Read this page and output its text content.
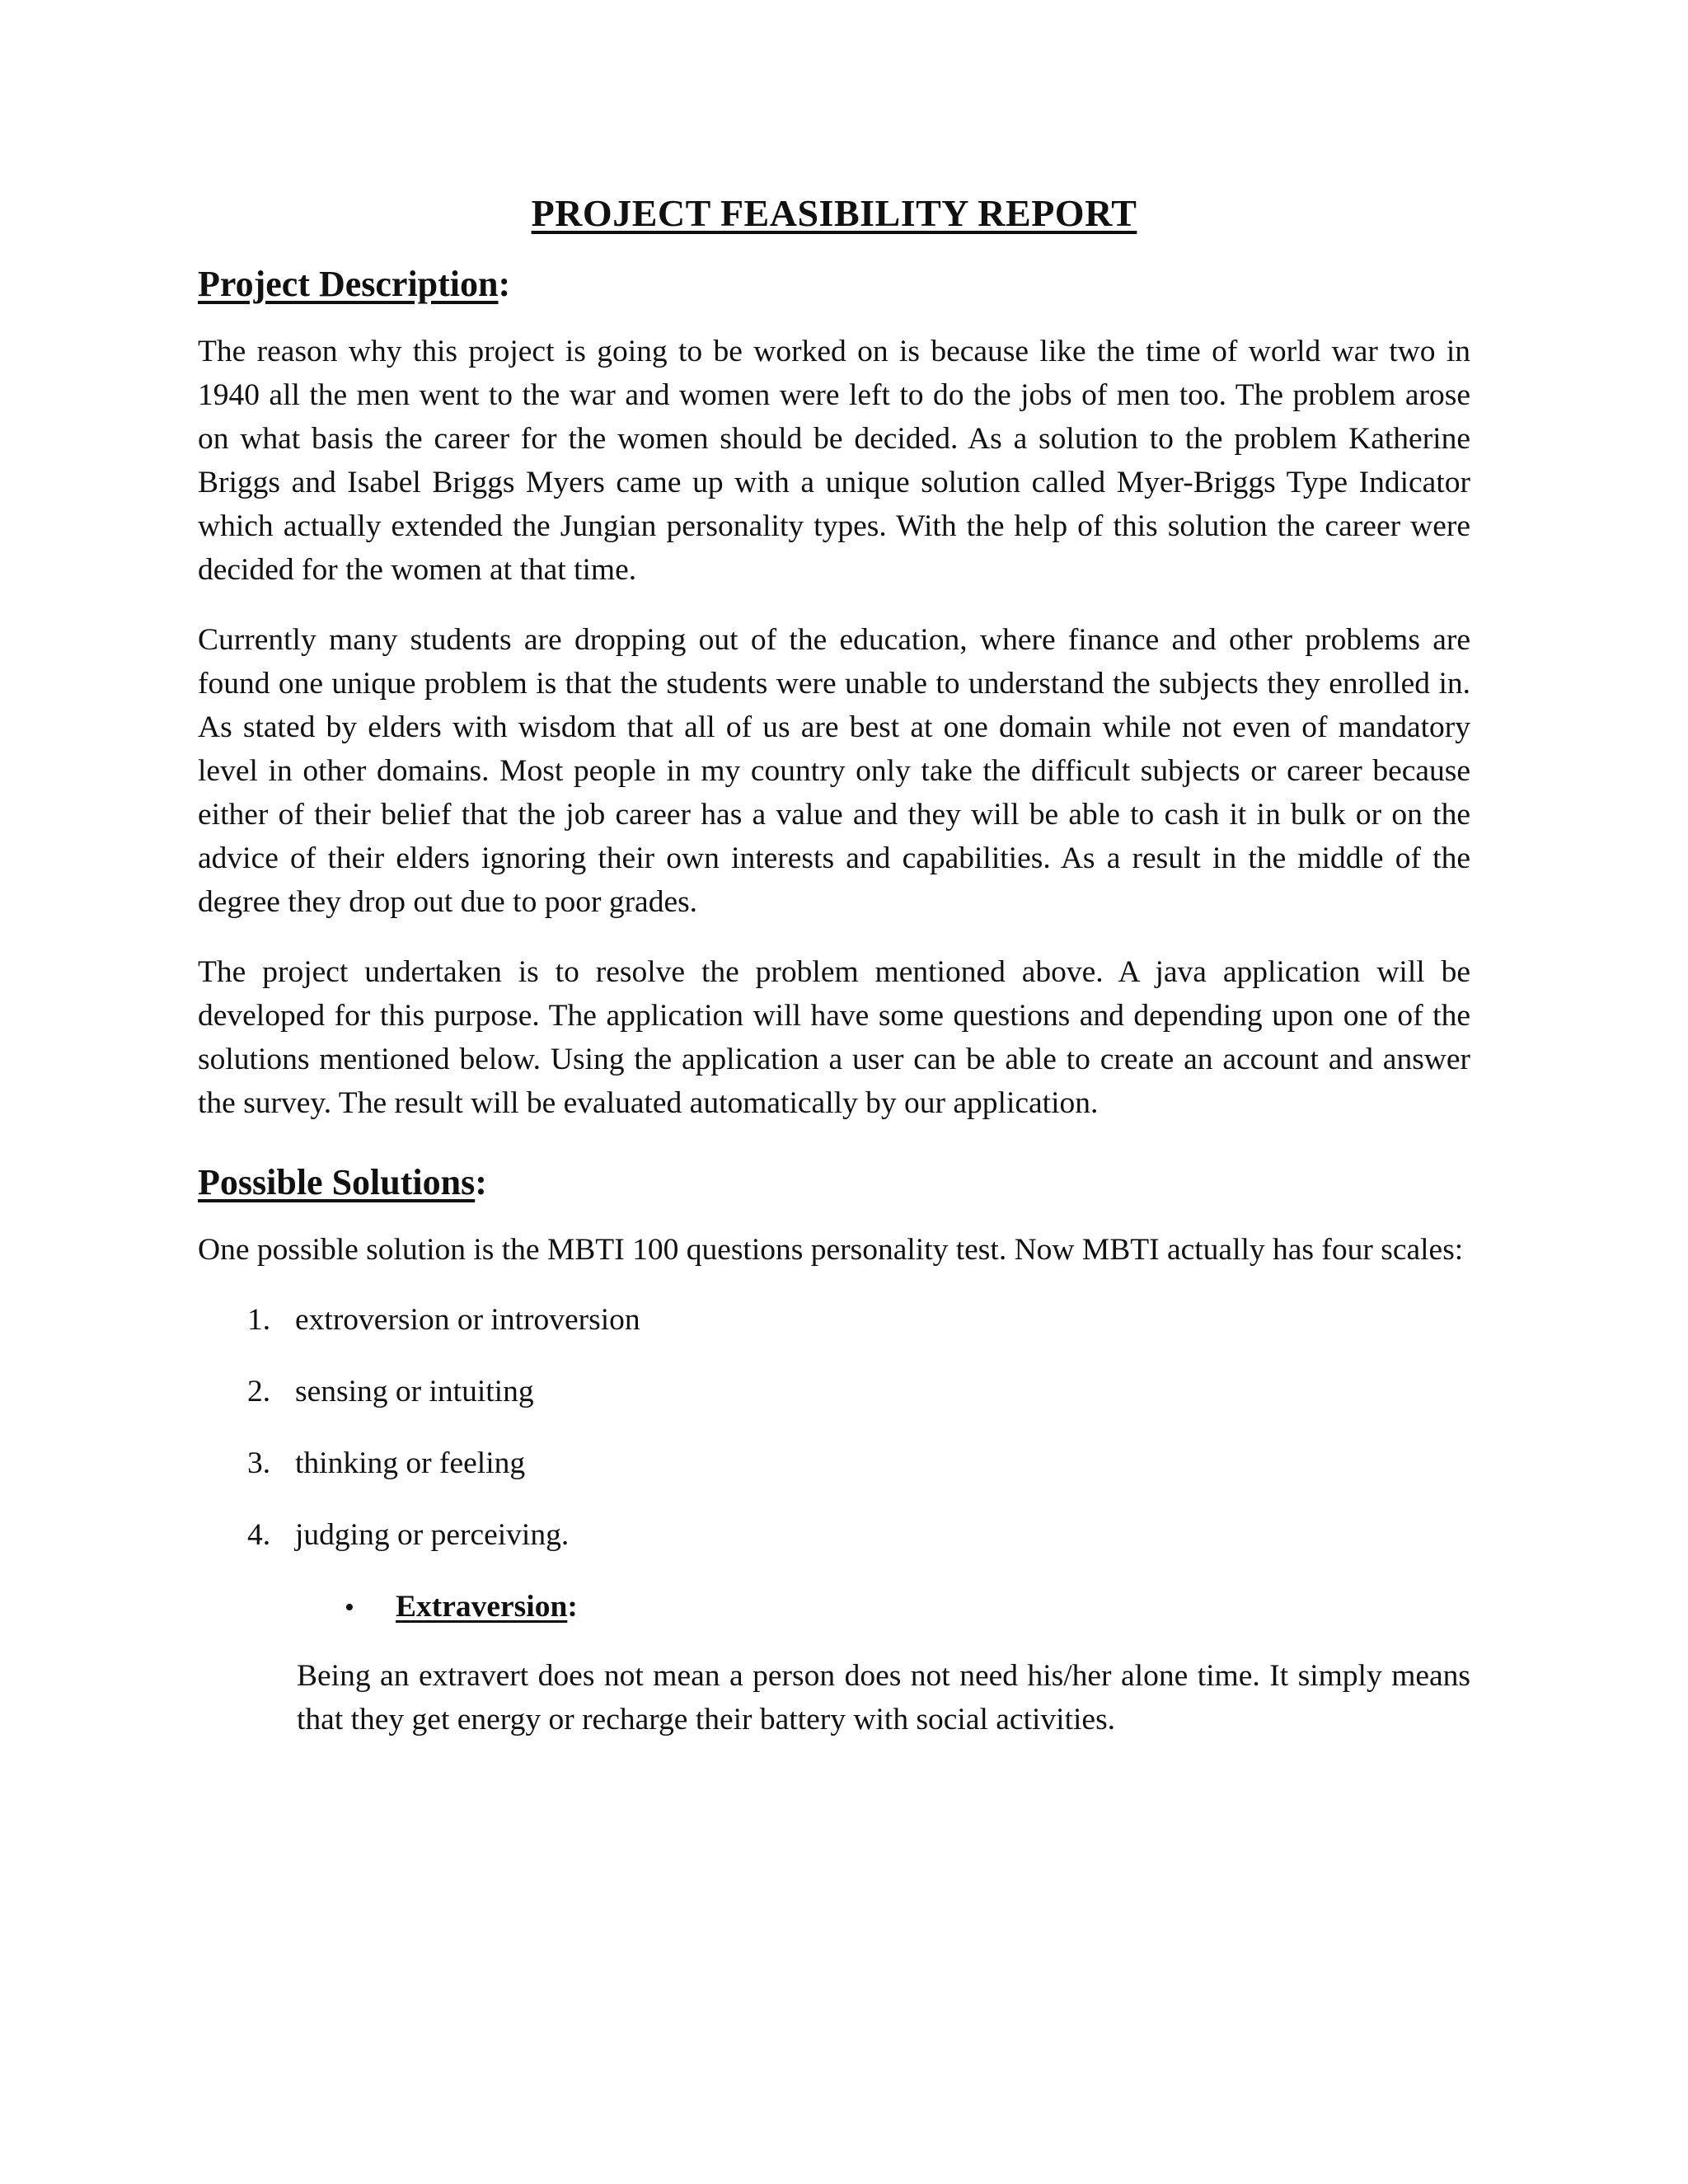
PROJECT FEASIBILITY REPORT
Project Description:

The reason why this project is going to be worked on is because like the time of world war two in 1940 all the men went to the war and women were left to do the jobs of men too. The problem arose on what basis the career for the women should be decided. As a solution to the problem Katherine Briggs and Isabel Briggs Myers came up with a unique solution called Myer-Briggs Type Indicator which actually extended the Jungian personality types. With the help of this solution the career were decided for the women at that time.

Currently many students are dropping out of the education, where finance and other problems are found one unique problem is that the students were unable to understand the subjects they enrolled in. As stated by elders with wisdom that all of us are best at one domain while not even of mandatory level in other domains. Most people in my country only take the difficult subjects or career because either of their belief that the job career has a value and they will be able to cash it in bulk or on the advice of their elders ignoring their own interests and capabilities. As a result in the middle of the degree they drop out due to poor grades.

The project undertaken is to resolve the problem mentioned above. A java application will be developed for this purpose. The application will have some questions and depending upon one of the solutions mentioned below. Using the application a user can be able to create an account and answer the survey. The result will be evaluated automatically by our application.

Possible Solutions:

One possible solution is the MBTI 100 questions personality test. Now MBTI actually has four scales:

1. extroversion or introversion
2. sensing or intuiting
3. thinking or feeling
4. judging or perceiving.
•	Extraversion:

Being an extravert does not mean a person does not need his/her alone time. It simply means that they get energy or recharge their battery with social activities.
